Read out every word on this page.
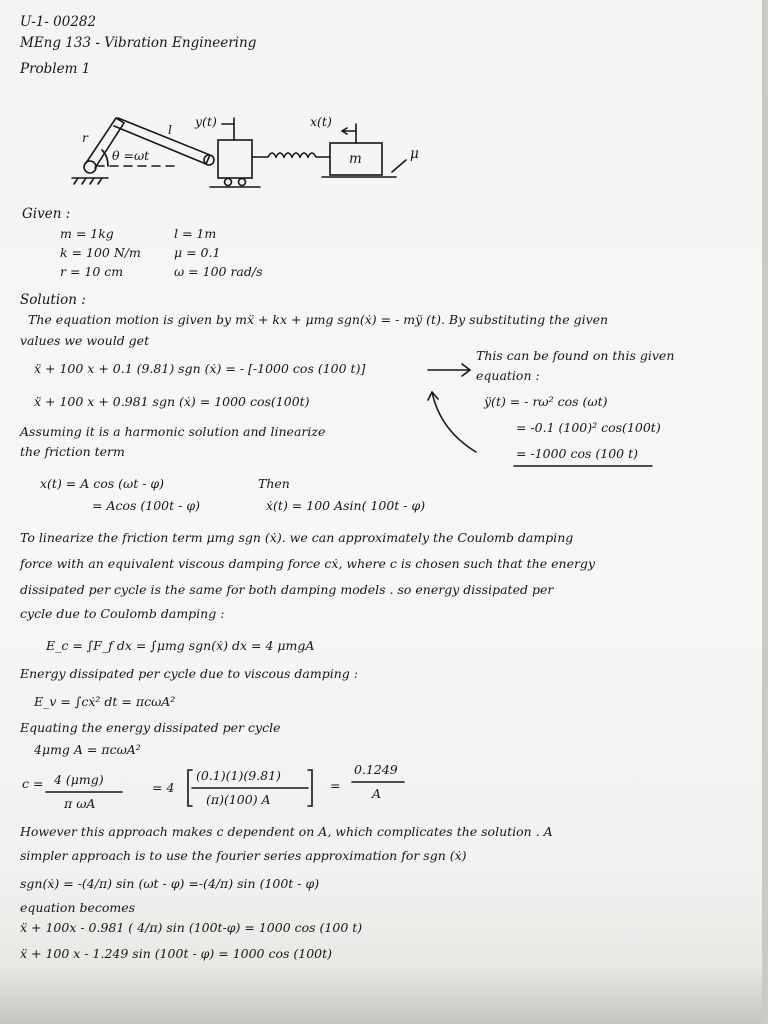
U-1- 00282
MEng 133 - Vibration Engineering
Problem 1
r
l
y(t)	x(t)
θ =ωt	m	μ
Given :
m = 1kg	l = 1m
k = 100 N/m	μ = 0.1
r = 10 cm	ω = 100 rad/s
Solution :
The equation motion is given by mẍ + kx + μmg sgn(ẋ) = - mÿ (t). By substituting the given
values we would get
ẍ + 100 x + 0.1 (9.81) sgn (ẋ) = - [-1000 cos (100 t)]
ẍ + 100 x + 0.981 sgn (ẋ) = 1000 cos(100t)
This can be found on this given
equation :
ÿ(t) = - rω² cos (ωt)
= -0.1 (100)² cos(100t)
= -1000 cos (100 t)
Assuming it is a harmonic solution and linearize
the friction term
x(t) = A cos (ωt - φ)	Then
= Acos (100t - φ)	ẋ(t) = 100 Asin( 100t - φ)
To linearize the friction term μmg sgn (ẋ). we can approximately the Coulomb damping
force with an equivalent viscous damping force cẋ, where c is chosen such that the energy
dissipated per cycle is the same for both damping models . so energy dissipated per
cycle due to Coulomb damping :
E_c = ∫F_f dx = ∫μmg sgn(ẋ) dx = 4 μmgA
Energy dissipated per cycle due to viscous damping :
E_v = ∫cẋ² dt = πcωA²
Equating the energy dissipated per cycle
4μmg A = πcωA²
c = 4 (μmg)
π ωA
= 4
(0.1)(1)(9.81)
(π)(100) A
=
0.1249
A
However this approach makes c dependent on A, which complicates the solution . A
simpler approach is to use the fourier series approximation for sgn (ẋ)
sgn(ẋ) = -(4/π) sin (ωt - φ) =-(4/π) sin (100t - φ)
equation becomes
ẍ + 100x - 0.981 ( 4/π) sin (100t-φ) = 1000 cos (100 t)
ẍ + 100 x - 1.249 sin (100t - φ) = 1000 cos (100t)
